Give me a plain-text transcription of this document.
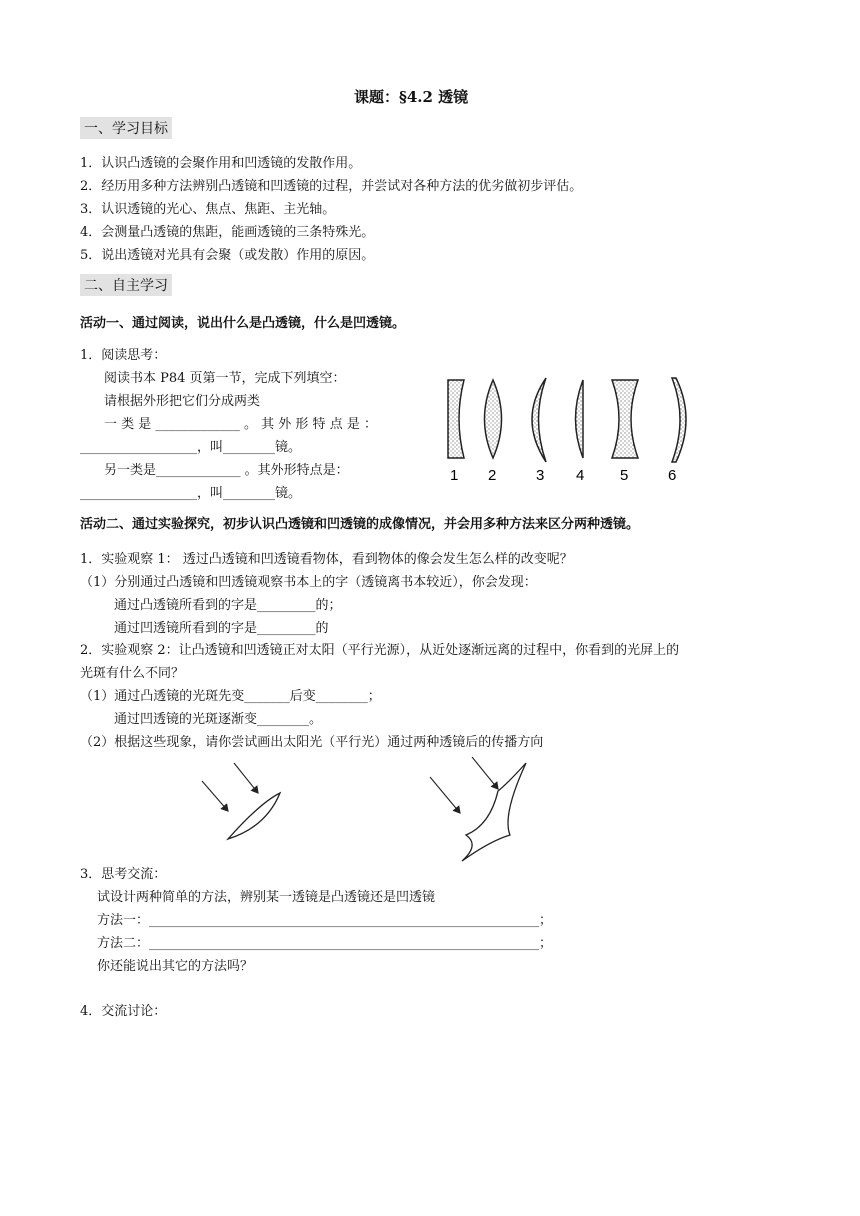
课题：§4.2 透镜
一、学习目标
1．认识凸透镜的会聚作用和凹透镜的发散作用。
2．经历用多种方法辨别凸透镜和凹透镜的过程，并尝试对各种方法的优劣做初步评估。
3．认识透镜的光心、焦点、焦距、主光轴。
4．会测量凸透镜的焦距，能画透镜的三条特殊光。
5．说出透镜对光具有会聚（或发散）作用的原因。
二、自主学习
活动一、通过阅读，说出什么是凸透镜，什么是凹透镜。
1．阅读思考：
阅读书本 P84 页第一节，完成下列填空：
请根据外形把它们分成两类
一 类 是 _____________ 。 其 外 形 特 点 是 ：
__________________，叫________镜。
另一类是_____________ 。其外形特点是：
__________________，叫________镜。
1 2	3 4 5	6
活动二、通过实验探究，初步认识凸透镜和凹透镜的成像情况，并会用多种方法来区分两种透镜。
1．实验观察 1： 透过凸透镜和凹透镜看物体，看到物体的像会发生怎么样的改变呢？
（1）分别通过凸透镜和凹透镜观察书本上的字（透镜离书本较近），你会发现：
通过凸透镜所看到的字是_________的；
通过凹透镜所看到的字是_________的
2．实验观察 2：让凸透镜和凹透镜正对太阳（平行光源），从近处逐渐远离的过程中，你看到的光屏上的
光斑有什么不同？
（1）通过凸透镜的光斑先变_______后变________；
通过凹透镜的光斑逐渐变________。
（2）根据这些现象，请你尝试画出太阳光（平行光）通过两种透镜后的传播方向
3．思考交流：
试设计两种简单的方法，辨别某一透镜是凸透镜还是凹透镜
方法一：____________________________________________________________；
方法二：____________________________________________________________；
你还能说出其它的方法吗？
4．交流讨论：
